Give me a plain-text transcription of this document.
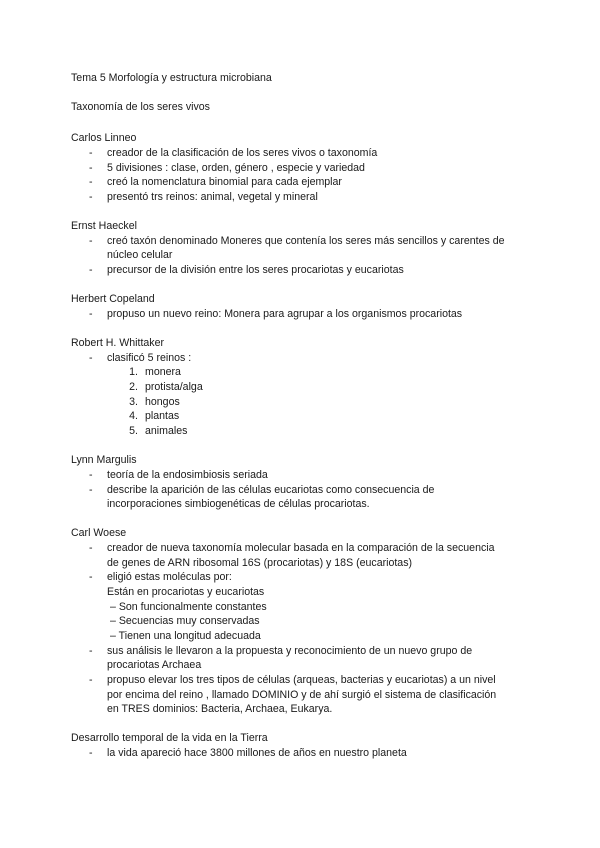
Tema 5 Morfología y estructura microbiana
Taxonomía de los seres vivos
Carlos Linneo
- creador de la clasificación de los seres vivos o taxonomía
- 5 divisiones : clase, orden, género , especie y variedad
- creó la nomenclatura binomial para cada ejemplar
- presentó trs reinos: animal, vegetal y mineral
Ernst Haeckel
- creó taxón denominado Moneres que contenía los seres más sencillos y carentes de
núcleo celular
- precursor de la división entre los seres procariotas y eucariotas
Herbert Copeland
- propuso un nuevo reino: Monera para agrupar a los organismos procariotas
Robert H. Whittaker
- clasificó 5 reinos :
1. monera
2. protista/alga
3. hongos
4. plantas
5. animales
Lynn Margulis
- teoría de la endosimbiosis seriada
- describe la aparición de las células eucariotas como consecuencia de
incorporaciones simbiogenéticas de células procariotas.
Carl Woese
- creador de nueva taxonomía molecular basada en la comparación de la secuencia
de genes de ARN ribosomal 16S (procariotas) y 18S (eucariotas)
- eligió estas moléculas por:
Están en procariotas y eucariotas
– Son funcionalmente constantes
– Secuencias muy conservadas
– Tienen una longitud adecuada
- sus análisis le llevaron a la propuesta y reconocimiento de un nuevo grupo de
procariotas Archaea
- propuso elevar los tres tipos de células (arqueas, bacterias y eucariotas) a un nivel
por encima del reino , llamado DOMINIO y de ahí surgió el sistema de clasificación
en TRES dominios: Bacteria, Archaea, Eukarya.
Desarrollo temporal de la vida en la Tierra
- la vida apareció hace 3800 millones de años en nuestro planeta
